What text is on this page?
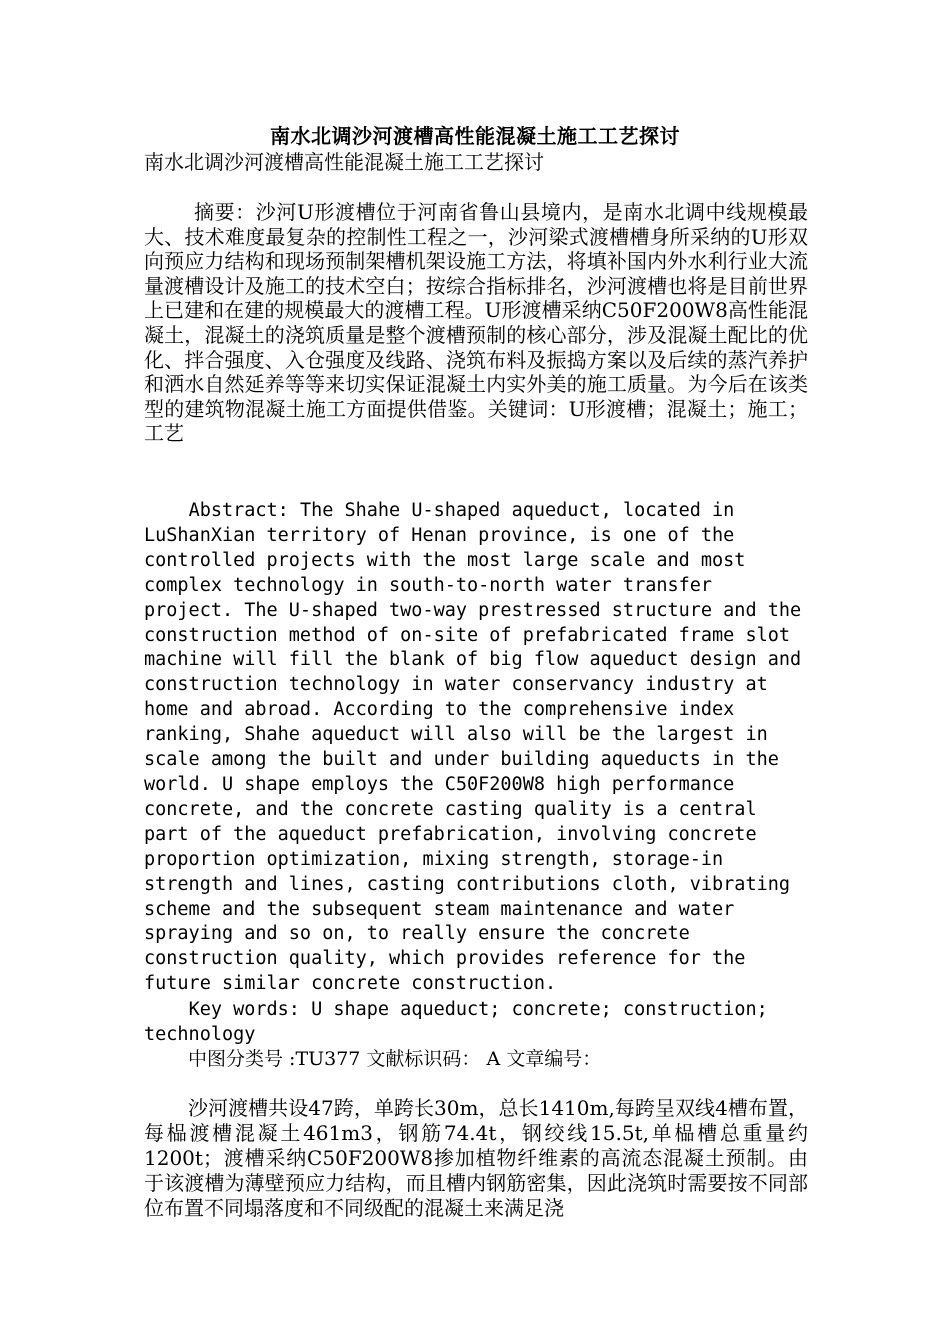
南水北调沙河渡槽高性能混凝土施工工艺探讨
南水北调沙河渡槽高性能混凝土施工工艺探讨

摘要：沙河U形渡槽位于河南省鲁山县境内，是南水北调中线规模最大、技术难度最复杂的控制性工程之一，沙河梁式渡槽槽身所采纳的U形双向预应力结构和现场预制架槽机架设施工方法，将填补国内外水利行业大流量渡槽设计及施工的技术空白；按综合指标排名，沙河渡槽也将是目前世界上已建和在建的规模最大的渡槽工程。U形渡槽采纳C50F200W8高性能混凝土，混凝土的浇筑质量是整个渡槽预制的核心部分，涉及混凝土配比的优化、拌合强度、入仓强度及线路、浇筑布料及振捣方案以及后续的蒸汽养护和洒水自然延养等等来切实保证混凝土内实外美的施工质量。为今后在该类型的建筑物混凝土施工方面提供借鉴。关键词：U形渡槽；混凝土；施工；工艺

Abstract: The Shahe U-shaped aqueduct, located in
LuShanXian territory of Henan province, is one of the
controlled projects with the most large scale and most
complex technology in south-to-north water transfer
project. The U-shaped two-way prestressed structure and the
construction method of on-site of prefabricated frame slot
machine will fill the blank of big flow aqueduct design and
construction technology in water conservancy industry at
home and abroad. According to the comprehensive index
ranking, Shahe aqueduct will also will be the largest in
scale among the built and under building aqueducts in the
world. U shape employs the C50F200W8 high performance
concrete, and the concrete casting quality is a central
part of the aqueduct prefabrication, involving concrete
proportion optimization, mixing strength, storage-in
strength and lines, casting contributions cloth, vibrating
scheme and the subsequent steam maintenance and water
spraying and so on, to really ensure the concrete
construction quality, which provides reference for the
future similar concrete construction.

Key words: U shape aqueduct; concrete; construction;
technology

中图分类号 :TU377 文献标识码： A 文章编号：

沙河渡槽共设47跨，单跨长30m，总长1410m,每跨呈双线4槽布置，每榀渡槽混凝土461m3，钢筋74.4t，钢绞线15.5t,单榀槽总重量约1200t；渡槽采纳C50F200W8掺加植物纤维素的高流态混凝土预制。由于该渡槽为薄壁预应力结构，而且槽内钢筋密集，因此浇筑时需要按不同部位布置不同塌落度和不同级配的混凝土来满足浇
